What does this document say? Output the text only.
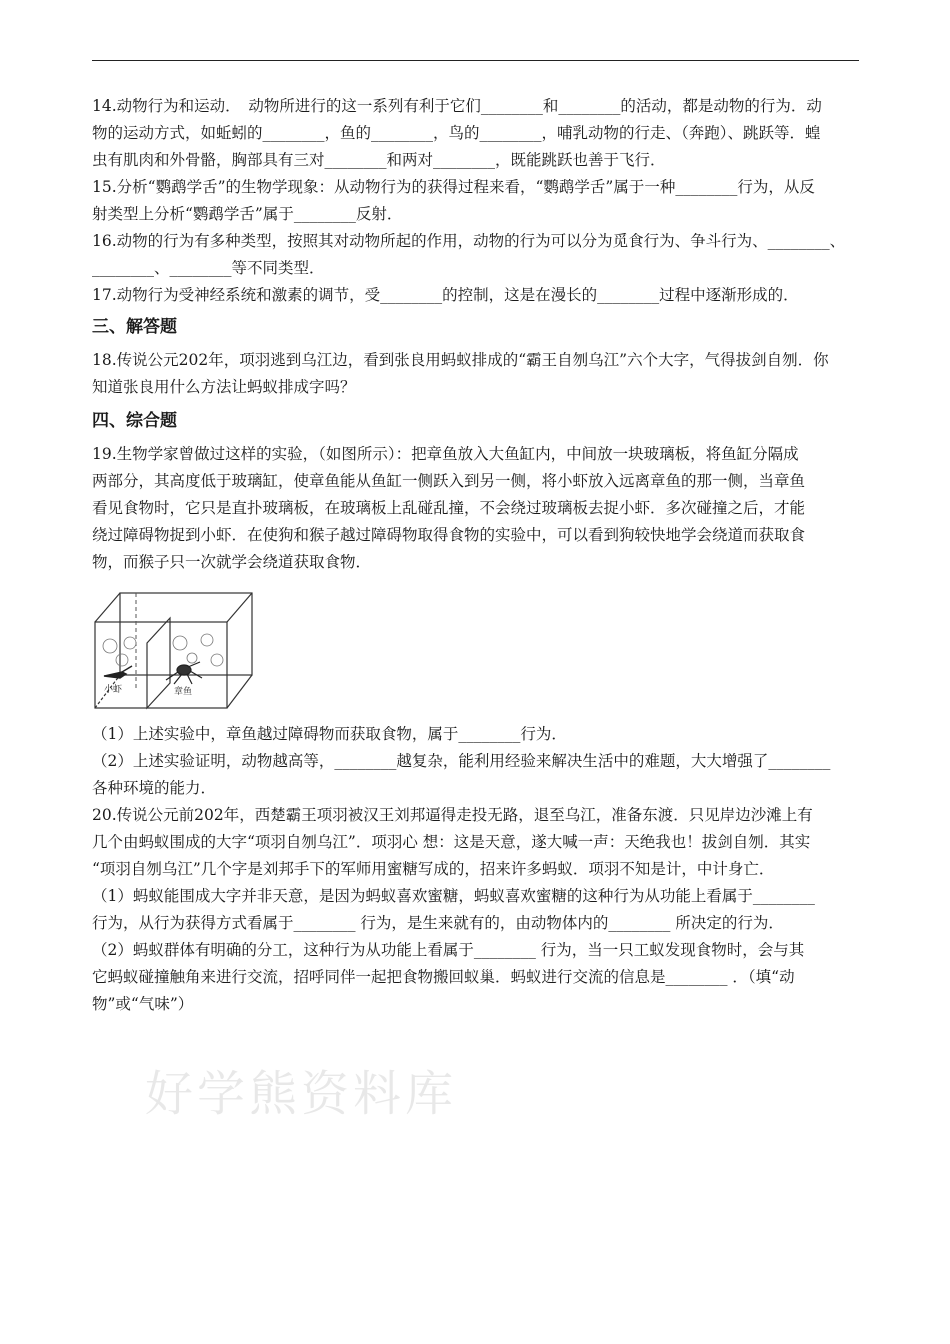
14.动物行为和运动．　动物所进行的这一系列有利于它们________和________的活动，都是动物的行为．动

物的运动方式，如蚯蚓的________，鱼的________，鸟的________，哺乳动物的行走、（奔跑）、跳跃等．蝗

虫有肌肉和外骨骼，胸部具有三对________和两对________，既能跳跃也善于飞行．

15.分析“鹦鹉学舌”的生物学现象：从动物行为的获得过程来看，“鹦鹉学舌”属于一种________行为，从反

射类型上分析“鹦鹉学舌”属于________反射．

16.动物的行为有多种类型，按照其对动物所起的作用，动物的行为可以分为觅食行为、争斗行为、________、

________、________等不同类型．

17.动物行为受神经系统和激素的调节，受________的控制，这是在漫长的________过程中逐渐形成的．

三、解答题

18.传说公元202年，项羽逃到乌江边，看到张良用蚂蚁排成的“霸王自刎乌江”六个大字，气得拔剑自刎．你

知道张良用什么方法让蚂蚁排成字吗？

四、综合题

19.生物学家曾做过这样的实验，（如图所示）：把章鱼放入大鱼缸内，中间放一块玻璃板，将鱼缸分隔成

两部分，其高度低于玻璃缸，使章鱼能从鱼缸一侧跃入到另一侧，将小虾放入远离章鱼的那一侧，当章鱼

看见食物时，它只是直扑玻璃板，在玻璃板上乱碰乱撞，不会绕过玻璃板去捉小虾．多次碰撞之后，才能

绕过障碍物捉到小虾．在使狗和猴子越过障碍物取得食物的实验中，可以看到狗较快地学会绕道而获取食

物，而猴子只一次就学会绕道获取食物．

小虾	章鱼

（1）上述实验中，章鱼越过障碍物而获取食物，属于________行为．

（2）上述实验证明，动物越高等，________越复杂，能利用经验来解决生活中的难题，大大增强了________

各种环境的能力．

20.传说公元前202年，西楚霸王项羽被汉王刘邦逼得走投无路，退至乌江，准备东渡．只见岸边沙滩上有

几个由蚂蚁围成的大字“项羽自刎乌江”．项羽心 想：这是天意，遂大喊一声：天绝我也！拔剑自刎．其实

“项羽自刎乌江”几个字是刘邦手下的军师用蜜糖写成的，招来许多蚂蚁．项羽不知是计，中计身亡．

（1）蚂蚁能围成大字并非天意，是因为蚂蚁喜欢蜜糖，蚂蚁喜欢蜜糖的这种行为从功能上看属于________

行为，从行为获得方式看属于________ 行为，是生来就有的，由动物体内的________ 所决定的行为．

（2）蚂蚁群体有明确的分工，这种行为从功能上看属于________ 行为，当一只工蚁发现食物时，会与其

它蚂蚁碰撞触角来进行交流，招呼同伴一起把食物搬回蚁巢．蚂蚁进行交流的信息是________ ．（填“动

物”或“气味”）

好学熊资料库
